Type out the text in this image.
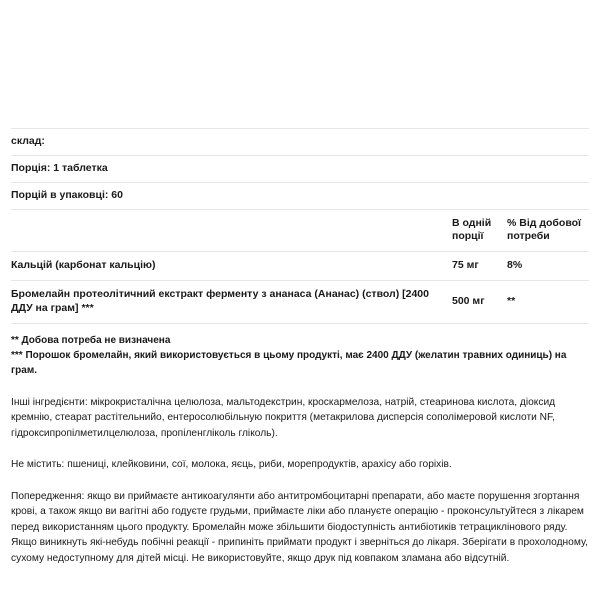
склад:		
Порція: 1 таблетка		
Порцій в упаковці: 60		
	В одній порції	% Від добової потреби
Кальцій (карбонат кальцію)	75 мг	8%
Бромелайн протеолітичний екстракт ферменту з ананаса (Ананас) (ствол) [2400 ДДУ на грам] ***	500 мг	**
** Добова потреба не визначена
*** Порошок бромелайн, який використовується в цьому продукті, має 2400 ДДУ (желатин травних одиниць) на грам.
Інші інгредієнти: мікрокристалічна целюлоза, мальтодекстрин, кроскармелоза, натрій, стеаринова кислота, діоксид кремнію, стеарат растітельнийо, ентеросолюбільную покриття (метакрилова дисперсія сополімеровой кислоти NF, гідроксипропілметилцелюлоза, пропіленгліколь гліколь).
Не містить: пшениці, клейковини, сої, молока, яєць, риби, морепродуктів, арахісу або горіхів.
Попередження: якщо ви приймаєте антикоагулянти або антитромбоцитарні препарати, або маєте порушення згортання крові, а також якщо ви вагітні або годуєте грудьми, приймаєте ліки або плануєте операцію - проконсультуйтеся з лікарем перед використанням цього продукту. Бромелайн може збільшити біодоступність антибіотиків тетрациклінового ряду. Якщо виникнуть які-небудь побічні реакції - припиніть приймати продукт і зверніться до лікаря. Зберігати в прохолодному, сухому недоступному для дітей місці. Не використовуйте, якщо друк під ковпаком зламана або відсутній.
